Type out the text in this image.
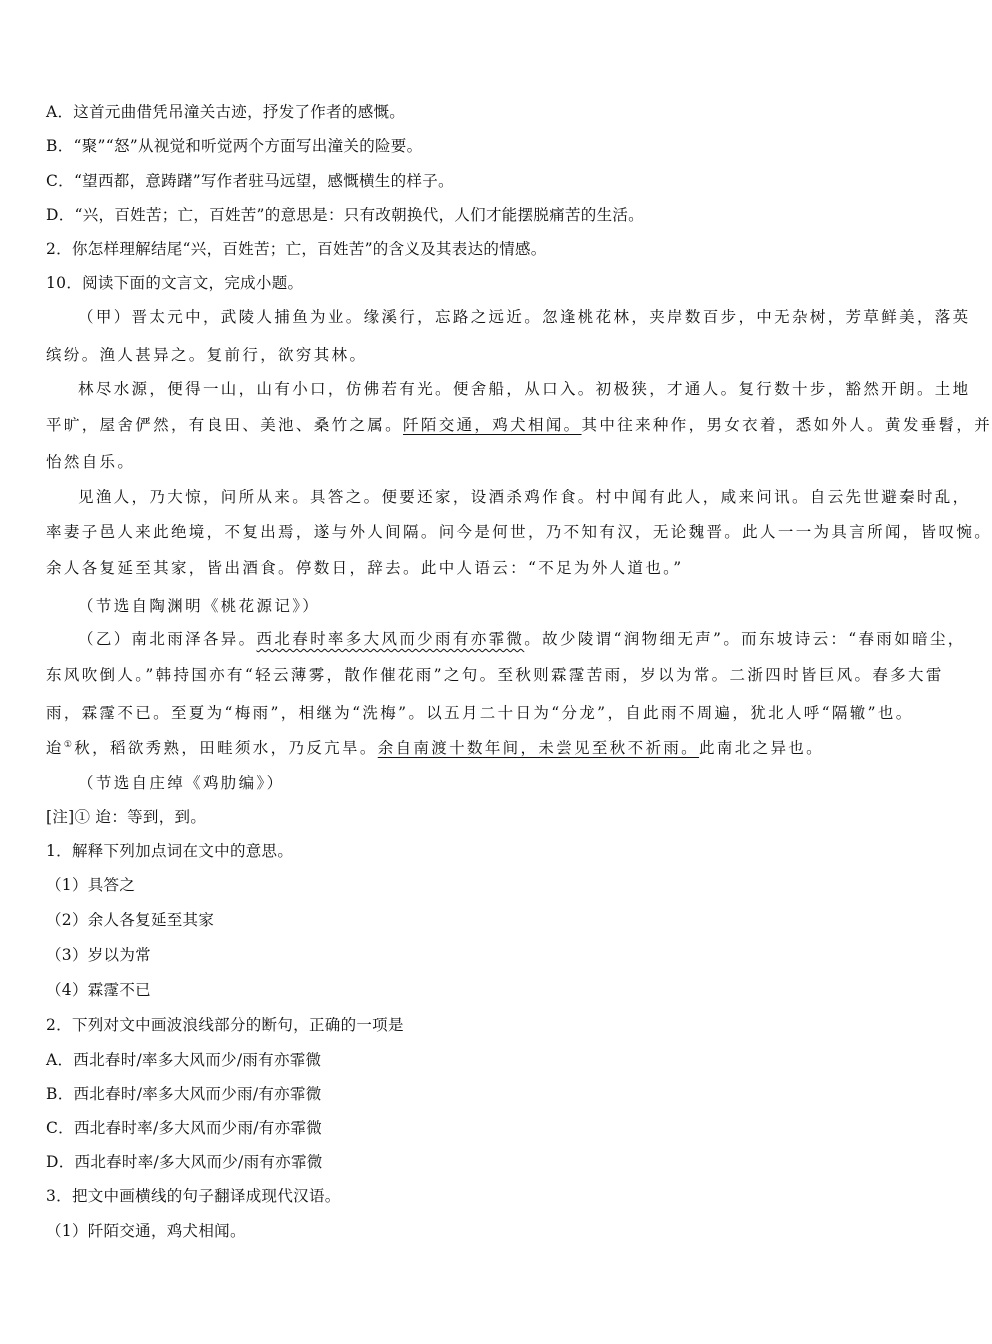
A．这首元曲借凭吊潼关古迹，抒发了作者的感慨。
B．“聚”“怒”从视觉和听觉两个方面写出潼关的险要。
C．“望西都，意踌躇”写作者驻马远望，感慨横生的样子。
D．“兴，百姓苦；亡，百姓苦”的意思是：只有改朝换代，人们才能摆脱痛苦的生活。
2．你怎样理解结尾“兴，百姓苦；亡，百姓苦”的含义及其表达的情感。
10．阅读下面的文言文，完成小题。
（甲）晋太元中，武陵人捕鱼为业。缘溪行，忘路之远近。忽逢桃花林，夹岸数百步，中无杂树，芳草鲜美，落英
缤纷。渔人甚异之。复前行，欲穷其林。
林尽水源，便得一山，山有小口，仿佛若有光。便舍船，从口入。初极狭，才通人。复行数十步，豁然开朗。土地
平旷，屋舍俨然，有良田、美池、桑竹之属。阡陌交通，鸡犬相闻。其中往来种作，男女衣着，悉如外人。黄发垂髫，并
怡然自乐。
见渔人，乃大惊，问所从来。具答之。便要还家，设酒杀鸡作食。村中闻有此人，咸来问讯。自云先世避秦时乱，
率妻子邑人来此绝境，不复出焉，遂与外人间隔。问今是何世，乃不知有汉，无论魏晋。此人一一为具言所闻，皆叹惋。
余人各复延至其家，皆出酒食。停数日，辞去。此中人语云：“不足为外人道也。”
（节选自陶渊明《桃花源记》）
（乙）南北雨泽各异。西北春时率多大风而少雨有亦霏微。故少陵谓“润物细无声”。而东坡诗云：“春雨如暗尘，
东风吹倒人。”韩持国亦有“轻云薄雾，散作催花雨”之句。至秋则霖霪苦雨，岁以为常。二浙四时皆巨风。春多大雷
雨，霖霪不已。至夏为“梅雨”，相继为“洗梅”。以五月二十日为“分龙”，自此雨不周遍，犹北人呼“隔辙”也。
迨①秋，稻欲秀熟，田畦须水，乃反亢旱。余自南渡十数年间，未尝见至秋不祈雨。此南北之异也。
（节选自庄绰《鸡肋编》）
[注]① 迨：等到，到。
1．解释下列加点词在文中的意思。
（1）具答之
（2）余人各复延至其家
（3）岁以为常
（4）霖霪不已
2．下列对文中画波浪线部分的断句，正确的一项是
A．西北春时/率多大风而少/雨有亦霏微
B．西北春时/率多大风而少雨/有亦霏微
C．西北春时率/多大风而少雨/有亦霏微
D．西北春时率/多大风而少/雨有亦霏微
3．把文中画横线的句子翻译成现代汉语。
（1）阡陌交通，鸡犬相闻。
